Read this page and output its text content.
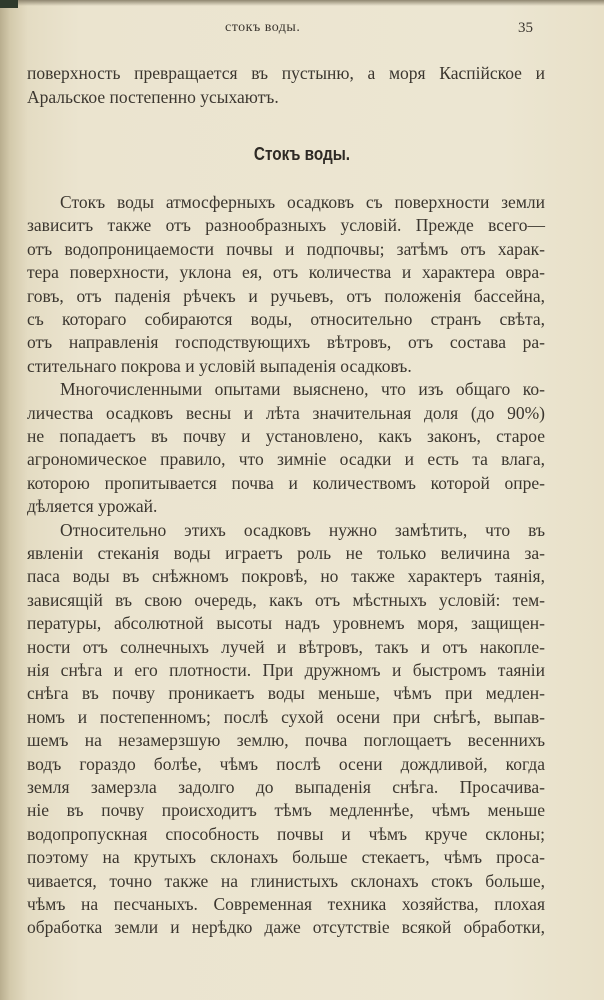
стокъ воды.	35
поверхность превращается въ пустыню, а моря Каспійское и
Аральское постепенно усыхаютъ.
Стокъ воды.
Стокъ воды атмосферныхъ осадковъ съ поверхности земли
зависитъ также отъ разнообразныхъ условій. Прежде всего—
отъ водопроницаемости почвы и подпочвы; затѣмъ отъ харак-
тера поверхности, уклона ея, отъ количества и характера овра-
говъ, отъ паденія рѣчекъ и ручьевъ, отъ положенія бассейна,
съ котораго собираются воды, относительно странъ свѣта,
отъ направленія господствующихъ вѣтровъ, отъ состава ра-
стительнаго покрова и условій выпаденія осадковъ.
Многочисленными опытами выяснено, что изъ общаго ко-
личества осадковъ весны и лѣта значительная доля (до 90%)
не попадаетъ въ почву и установлено, какъ законъ, старое
агрономическое правило, что зимніе осадки и есть та влага,
которою пропитывается почва и количествомъ которой опре-
дѣляется урожай.
Относительно этихъ осадковъ нужно замѣтить, что въ
явленіи стеканія воды играетъ роль не только величина за-
паса воды въ снѣжномъ покровѣ, но также характеръ таянія,
зависящій въ свою очередь, какъ отъ мѣстныхъ условій: тем-
пературы, абсолютной высоты надъ уровнемъ моря, защищен-
ности отъ солнечныхъ лучей и вѣтровъ, такъ и отъ накопле-
нія снѣга и его плотности. При дружномъ и быстромъ таяніи
снѣга въ почву проникаетъ воды меньше, чѣмъ при медлен-
номъ и постепенномъ; послѣ сухой осени при снѣгѣ, выпав-
шемъ на незамерзшую землю, почва поглощаетъ весеннихъ
водъ гораздо болѣе, чѣмъ послѣ осени дождливой, когда
земля замерзла задолго до выпаденія снѣга. Просачива-
ніе въ почву происходитъ тѣмъ медленнѣе, чѣмъ меньше
водопропускная способность почвы и чѣмъ круче склоны;
поэтому на крутыхъ склонахъ больше стекаетъ, чѣмъ проса-
чивается, точно также на глинистыхъ склонахъ стокъ больше,
чѣмъ на песчаныхъ. Современная техника хозяйства, плохая
обработка земли и нерѣдко даже отсутствіе всякой обработки,
